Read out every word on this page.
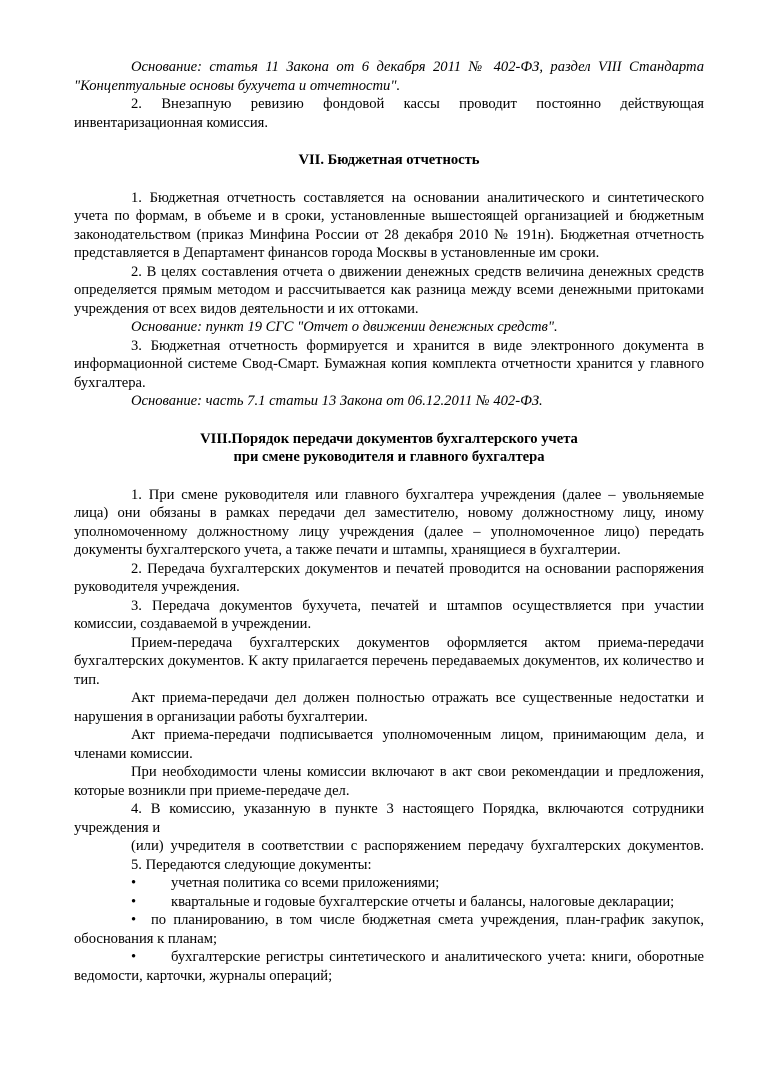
Основание: статья 11 Закона от 6 декабря 2011 № 402-ФЗ, раздел VIII Стандарта "Концептуальные основы бухучета и отчетности".

2. Внезапную ревизию фондовой кассы проводит постоянно действующая инвентаризационная комиссия.

VII. Бюджетная отчетность

1. Бюджетная отчетность составляется на основании аналитического и синтетического учета по формам, в объеме и в сроки, установленные вышестоящей организацией и бюджетным законодательством (приказ Минфина России от 28 декабря 2010 № 191н). Бюджетная отчетность представляется в Департамент финансов города Москвы в установленные им сроки.

2. В целях составления отчета о движении денежных средств величина денежных средств определяется прямым методом и рассчитывается как разница между всеми денежными притоками учреждения от всех видов деятельности и их оттоками.

Основание: пункт 19 СГС "Отчет о движении денежных средств".

3. Бюджетная отчетность формируется и хранится в виде электронного документа в информационной системе Свод-Смарт. Бумажная копия комплекта отчетности хранится у главного бухгалтера.

Основание: часть 7.1 статьи 13 Закона от 06.12.2011 № 402-ФЗ.

VIII.Порядок передачи документов бухгалтерского учета

при смене руководителя и главного бухгалтера

1. При смене руководителя или главного бухгалтера учреждения (далее – увольняемые лица) они обязаны в рамках передачи дел заместителю, новому должностному лицу, иному уполномоченному должностному лицу учреждения (далее – уполномоченное лицо) передать документы бухгалтерского учета, а также печати и штампы, хранящиеся в бухгалтерии.

2. Передача бухгалтерских документов и печатей проводится на основании распоряжения руководителя учреждения.

3. Передача документов бухучета, печатей и штампов осуществляется при участии комиссии, создаваемой в учреждении.

Прием-передача бухгалтерских документов оформляется актом приема-передачи бухгалтерских документов. К акту прилагается перечень передаваемых документов, их количество и тип.

Акт приема-передачи дел должен полностью отражать все существенные недостатки и нарушения в организации работы бухгалтерии.

Акт приема-передачи подписывается уполномоченным лицом, принимающим дела, и членами комиссии.

При необходимости члены комиссии включают в акт свои рекомендации и предложения, которые возникли при приеме-передаче дел.

4. В комиссию, указанную в пункте 3 настоящего Порядка, включаются сотрудники учреждения и

(или) учредителя в соответствии с распоряжением передачу бухгалтерских документов.

5. Передаются следующие документы:

• учетная политика со всеми приложениями;

• квартальные и годовые бухгалтерские отчеты и балансы, налоговые декларации;

• по планированию, в том числе бюджетная смета учреждения, план-график закупок, обоснования к планам;

• бухгалтерские регистры синтетического и аналитического учета: книги, оборотные ведомости, карточки, журналы операций;
